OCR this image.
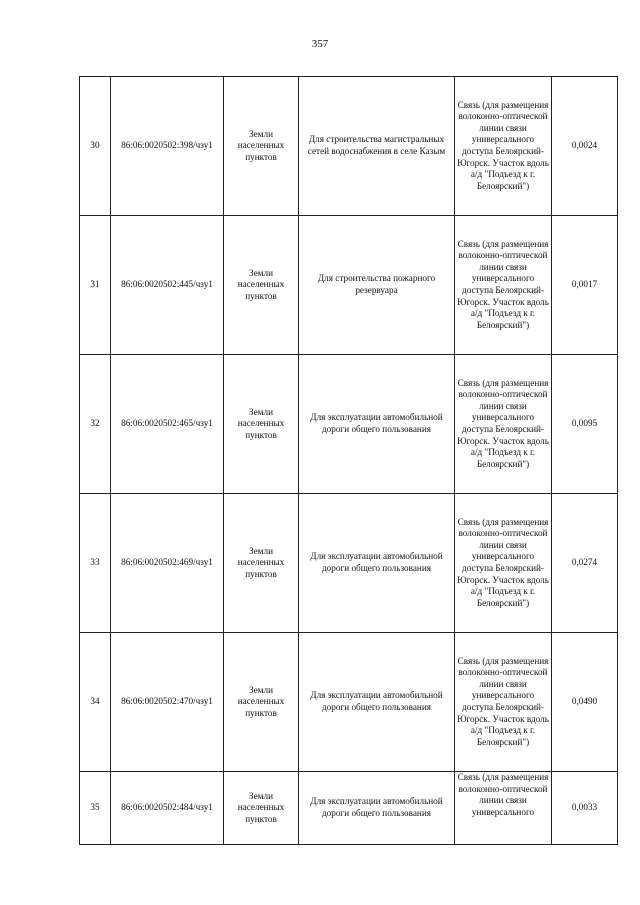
357
30	86:06:0020502:398/чзу1	Земли населенных пунктов	Для строительства магистральных сетей водоснабжения в селе Казым	Связь (для размещения волоконно-оптической линии связи универсального доступа Белоярский-Югорск. Участок вдоль а/д "Подъезд к г. Белоярский")	0,0024
31	86:06:0020502:445/чзу1	Земли населенных пунктов	Для строительства пожарного резервуара	Связь (для размещения волоконно-оптической линии связи универсального доступа Белоярский-Югорск. Участок вдоль а/д "Подъезд к г. Белоярский")	0,0017
32	86:06:0020502:465/чзу1	Земли населенных пунктов	Для эксплуатации автомобильной дороги общего пользования	Связь (для размещения волоконно-оптической линии связи универсального доступа Белоярский-Югорск. Участок вдоль а/д "Подъезд к г. Белоярский")	0,0095
33	86:06:0020502:469/чзу1	Земли населенных пунктов	Для эксплуатации автомобильной дороги общего пользования	Связь (для размещения волоконно-оптической линии связи универсального доступа Белоярский-Югорск. Участок вдоль а/д "Подъезд к г. Белоярский")	0,0274
34	86:06:0020502:470/чзу1	Земли населенных пунктов	Для эксплуатации автомобильной дороги общего пользования	Связь (для размещения волоконно-оптической линии связи универсального доступа Белоярский-Югорск. Участок вдоль а/д "Подъезд к г. Белоярский")	0,0490
35	86:06:0020502:484/чзу1	Земли населенных пунктов	Для эксплуатации автомобильной дороги общего пользования	Связь (для размещения волоконно-оптической линии связи универсального	0,0033
